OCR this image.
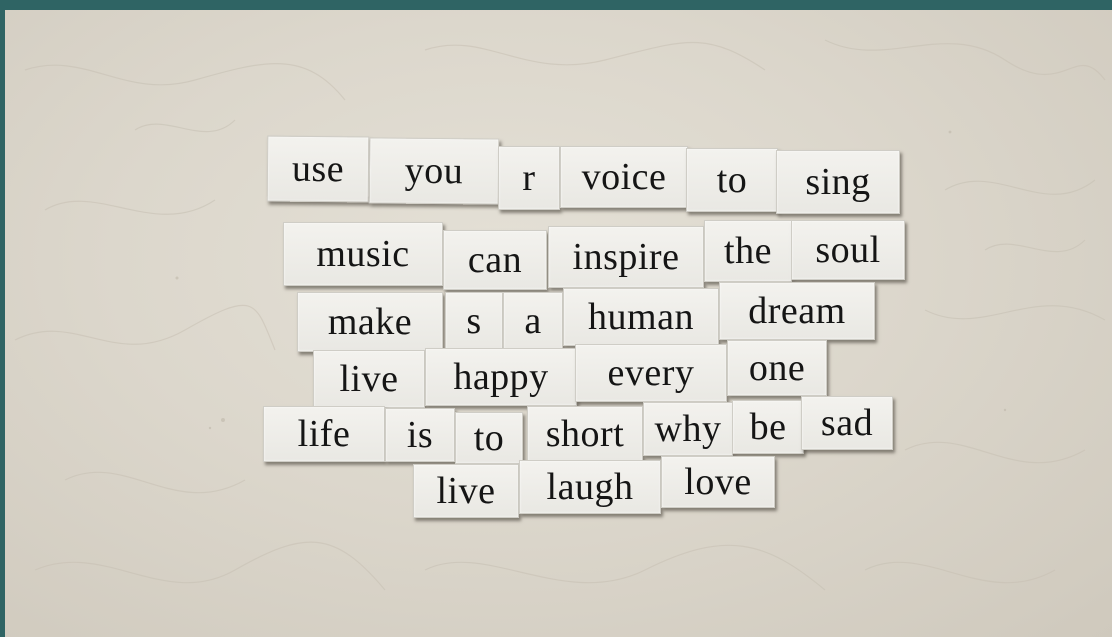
use you r voice to sing
music can inspire the soul
make s a human dream
live happy every one
life is to short why be sad
live laugh love
